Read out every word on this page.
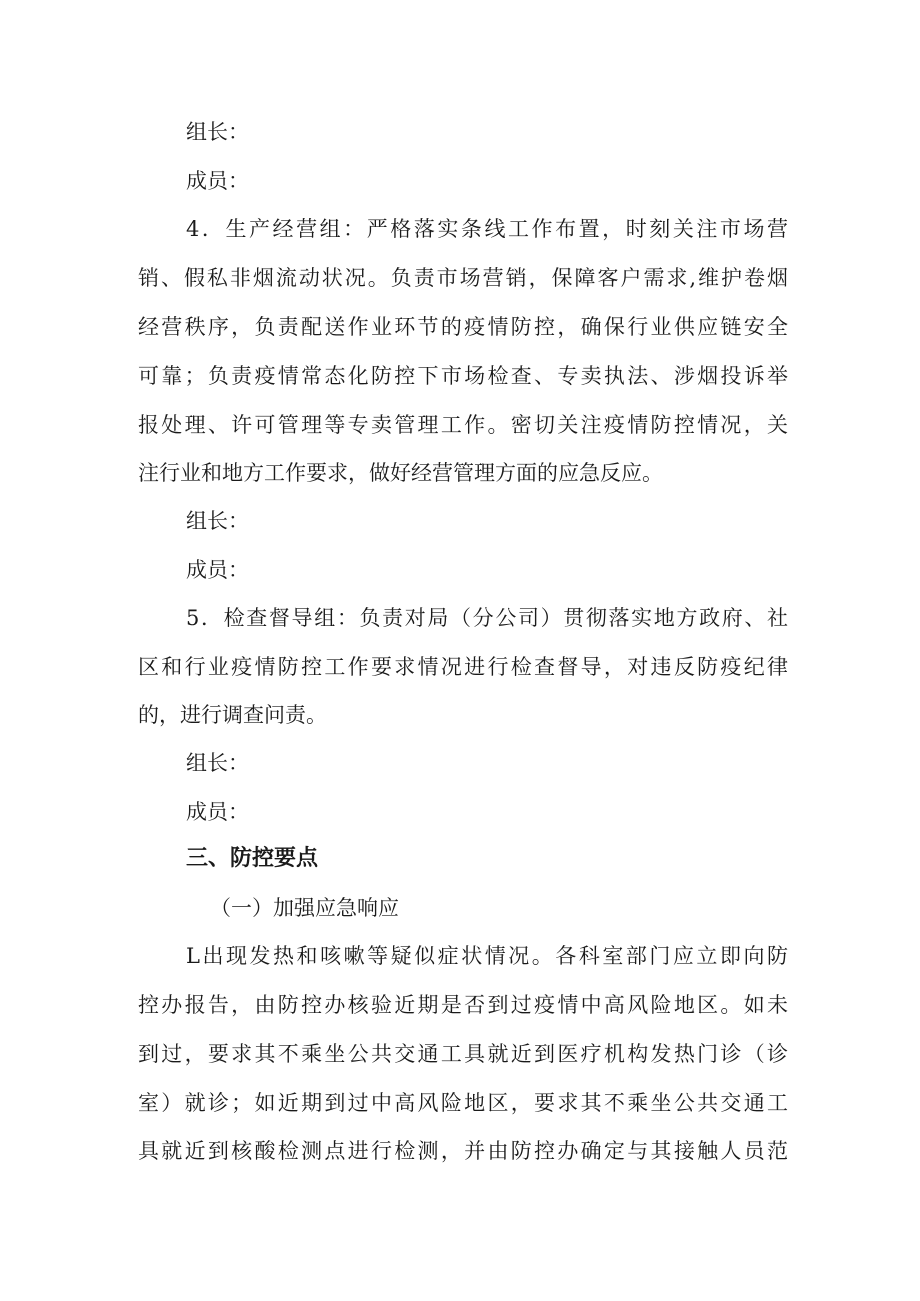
组长：
成员：
4．生产经营组：严格落实条线工作布置，时刻关注市场营
销、假私非烟流动状况。负责市场营销，保障客户需求,维护卷烟
经营秩序，负责配送作业环节的疫情防控，确保行业供应链安全
可靠；负责疫情常态化防控下市场检查、专卖执法、涉烟投诉举
报处理、许可管理等专卖管理工作。密切关注疫情防控情况，关
注行业和地方工作要求，做好经营管理方面的应急反应。
组长：
成员：
5．检查督导组：负责对局（分公司）贯彻落实地方政府、社
区和行业疫情防控工作要求情况进行检查督导，对违反防疫纪律
的，进行调查问责。
组长：
成员：
三、防控要点
（一）加强应急响应
L出现发热和咳嗽等疑似症状情况。各科室部门应立即向防
控办报告，由防控办核验近期是否到过疫情中高风险地区。如未
到过，要求其不乘坐公共交通工具就近到医疗机构发热门诊（诊
室）就诊；如近期到过中高风险地区，要求其不乘坐公共交通工
具就近到核酸检测点进行检测，并由防控办确定与其接触人员范
